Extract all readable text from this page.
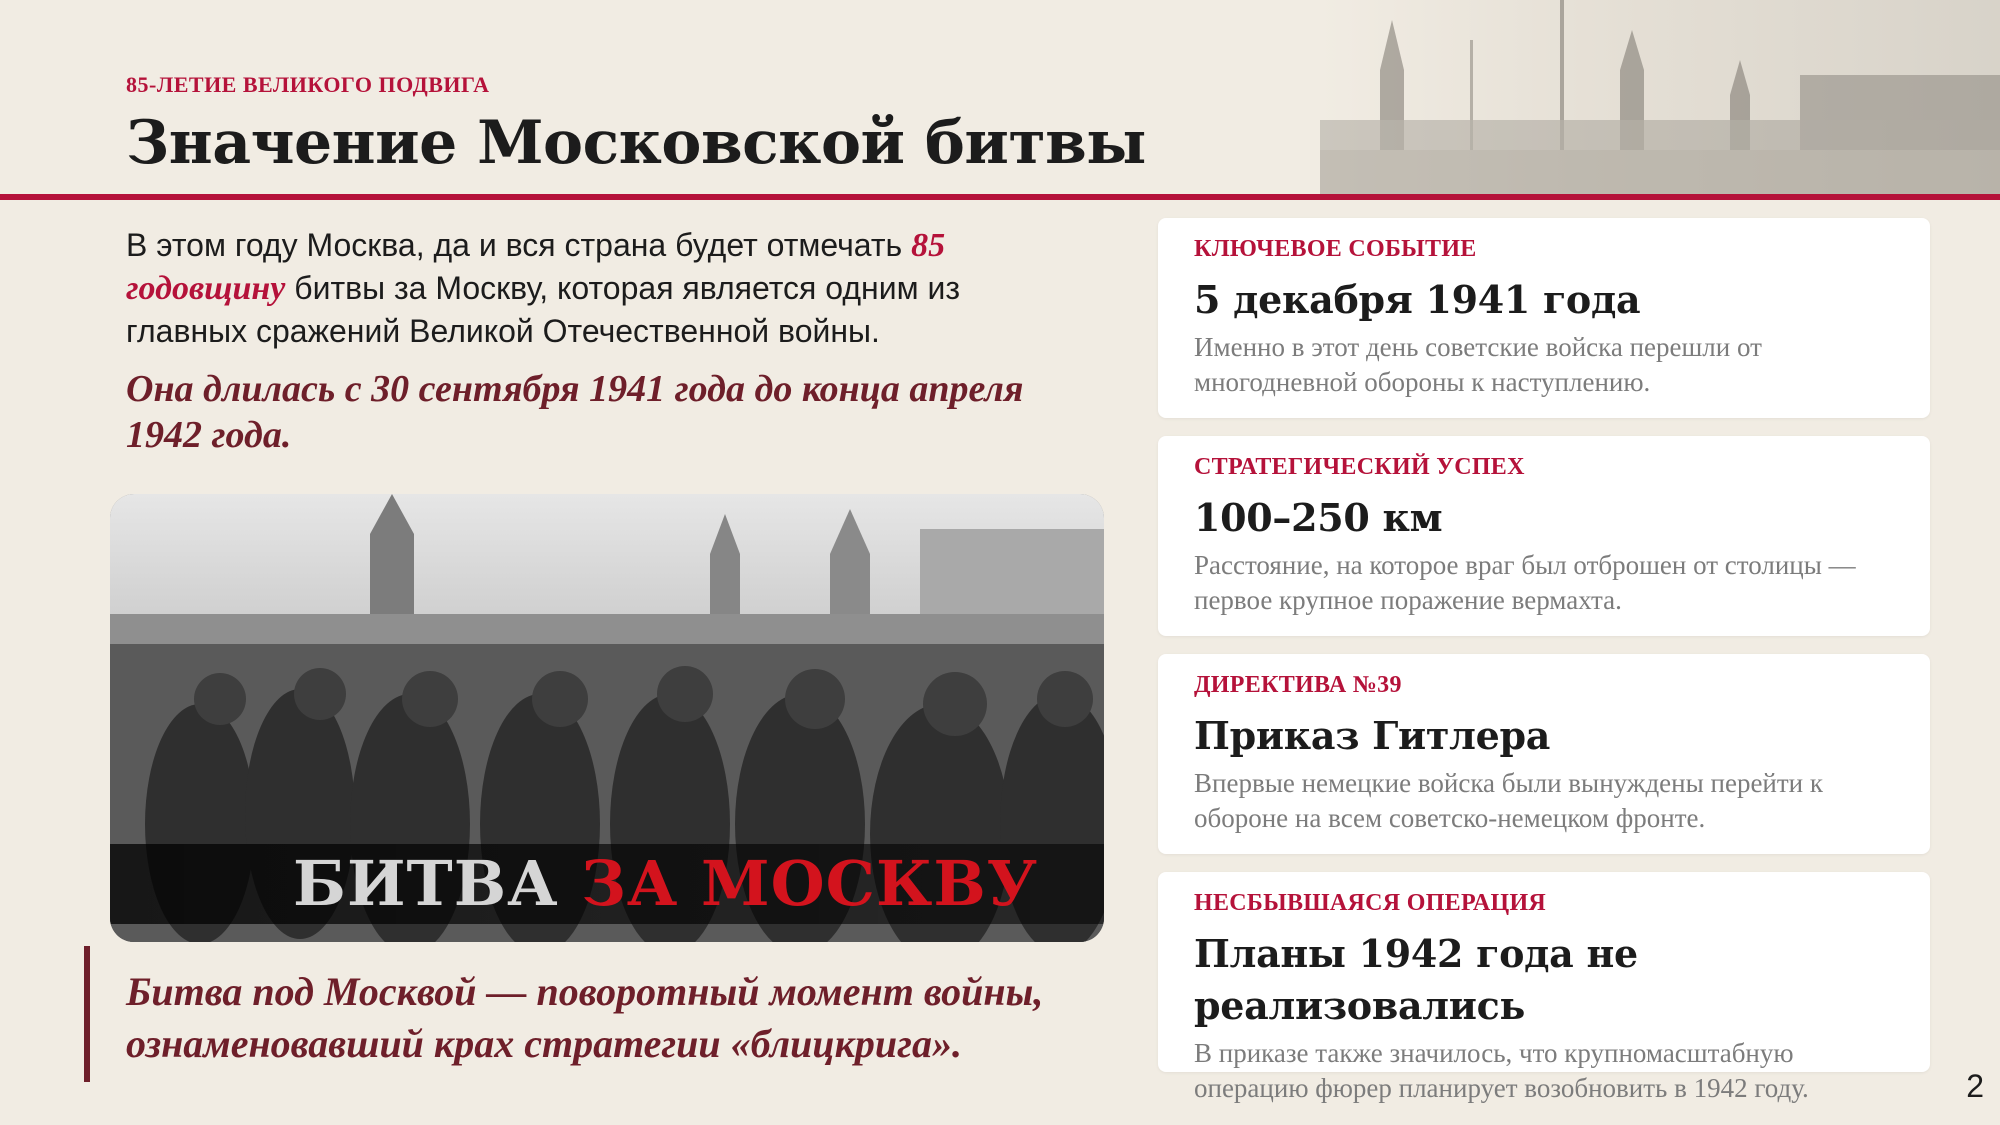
85-ЛЕТИЕ ВЕЛИКОГО ПОДВИГА
Значение Московской битвы
В этом году Москва, да и вся страна будет отмечать 85 годовщину битвы за Москву, которая является одним из главных сражений Великой Отечественной войны.
Она длилась с 30 сентября 1941 года до конца апреля 1942 года.
БИТВА ЗА МОСКВУ
Битва под Москвой — поворотный момент войны, ознаменовавший крах стратегии «блицкрига».
КЛЮЧЕВОЕ СОБЫТИЕ
5 декабря 1941 года
Именно в этот день советские войска перешли от многодневной обороны к наступлению.
СТРАТЕГИЧЕСКИЙ УСПЕХ
100–250 км
Расстояние, на которое враг был отброшен от столицы — первое крупное поражение вермахта.
ДИРЕКТИВА №39
Приказ Гитлера
Впервые немецкие войска были вынуждены перейти к обороне на всем советско-немецком фронте.
НЕСБЫВШАЯСЯ ОПЕРАЦИЯ
Планы 1942 года не реализовались
В приказе также значилось, что крупномасштабную операцию фюрер планирует возобновить в 1942 году.	2
